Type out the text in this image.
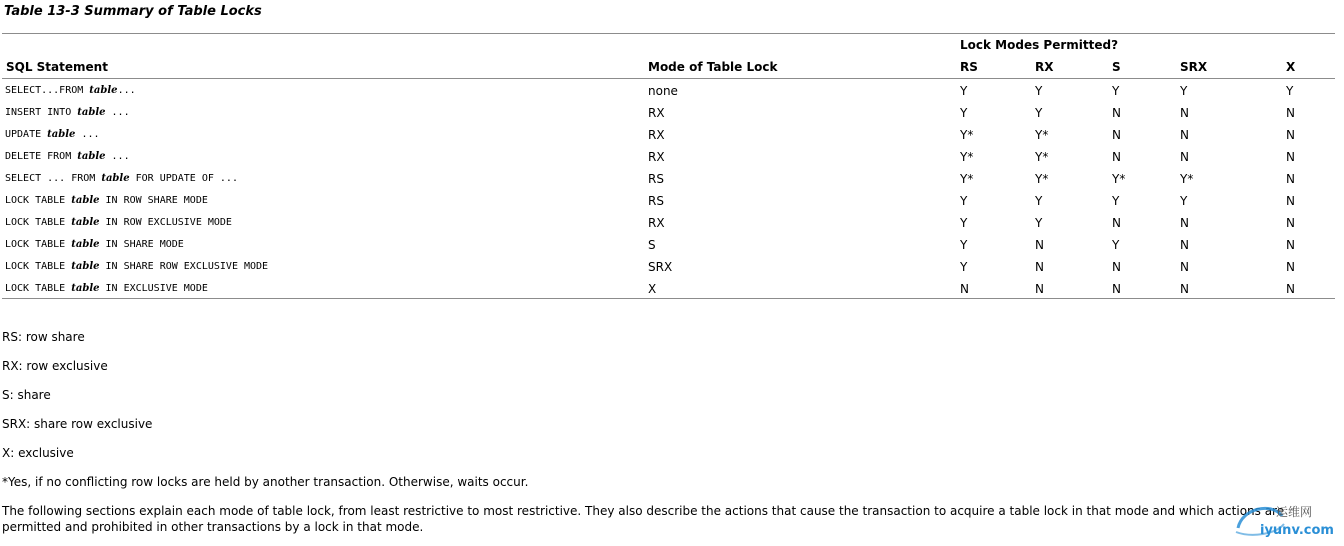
Table 13-3 Summary of Table Locks
Lock Modes Permitted?
SQL Statement	Mode of Table Lock	RS	RX	S	SRX	X
SELECT...FROM table...	none	Y	Y	Y	Y	Y
INSERT INTO table ...	RX	Y	Y	N	N	N
UPDATE table ...	RX	Y*	Y*	N	N	N
DELETE FROM table ...	RX	Y*	Y*	N	N	N
SELECT ... FROM table FOR UPDATE OF ...	RS	Y*	Y*	Y*	Y*	N
LOCK TABLE table IN ROW SHARE MODE	RS	Y	Y	Y	Y	N
LOCK TABLE table IN ROW EXCLUSIVE MODE	RX	Y	Y	N	N	N
LOCK TABLE table IN SHARE MODE	S	Y	N	Y	N	N
LOCK TABLE table IN SHARE ROW EXCLUSIVE MODE	SRX	Y	N	N	N	N
LOCK TABLE table IN EXCLUSIVE MODE	X	N	N	N	N	N
RS: row share
RX: row exclusive
S: share
SRX: share row exclusive
X: exclusive
*Yes, if no conflicting row locks are held by another transaction. Otherwise, waits occur.
The following sections explain each mode of table lock, from least restrictive to most restrictive. They also describe the actions that cause the transaction to acquire a table lock in that mode and which actions are permitted and prohibited in other transactions by a lock in that mode.
运维网
iyunv.com
